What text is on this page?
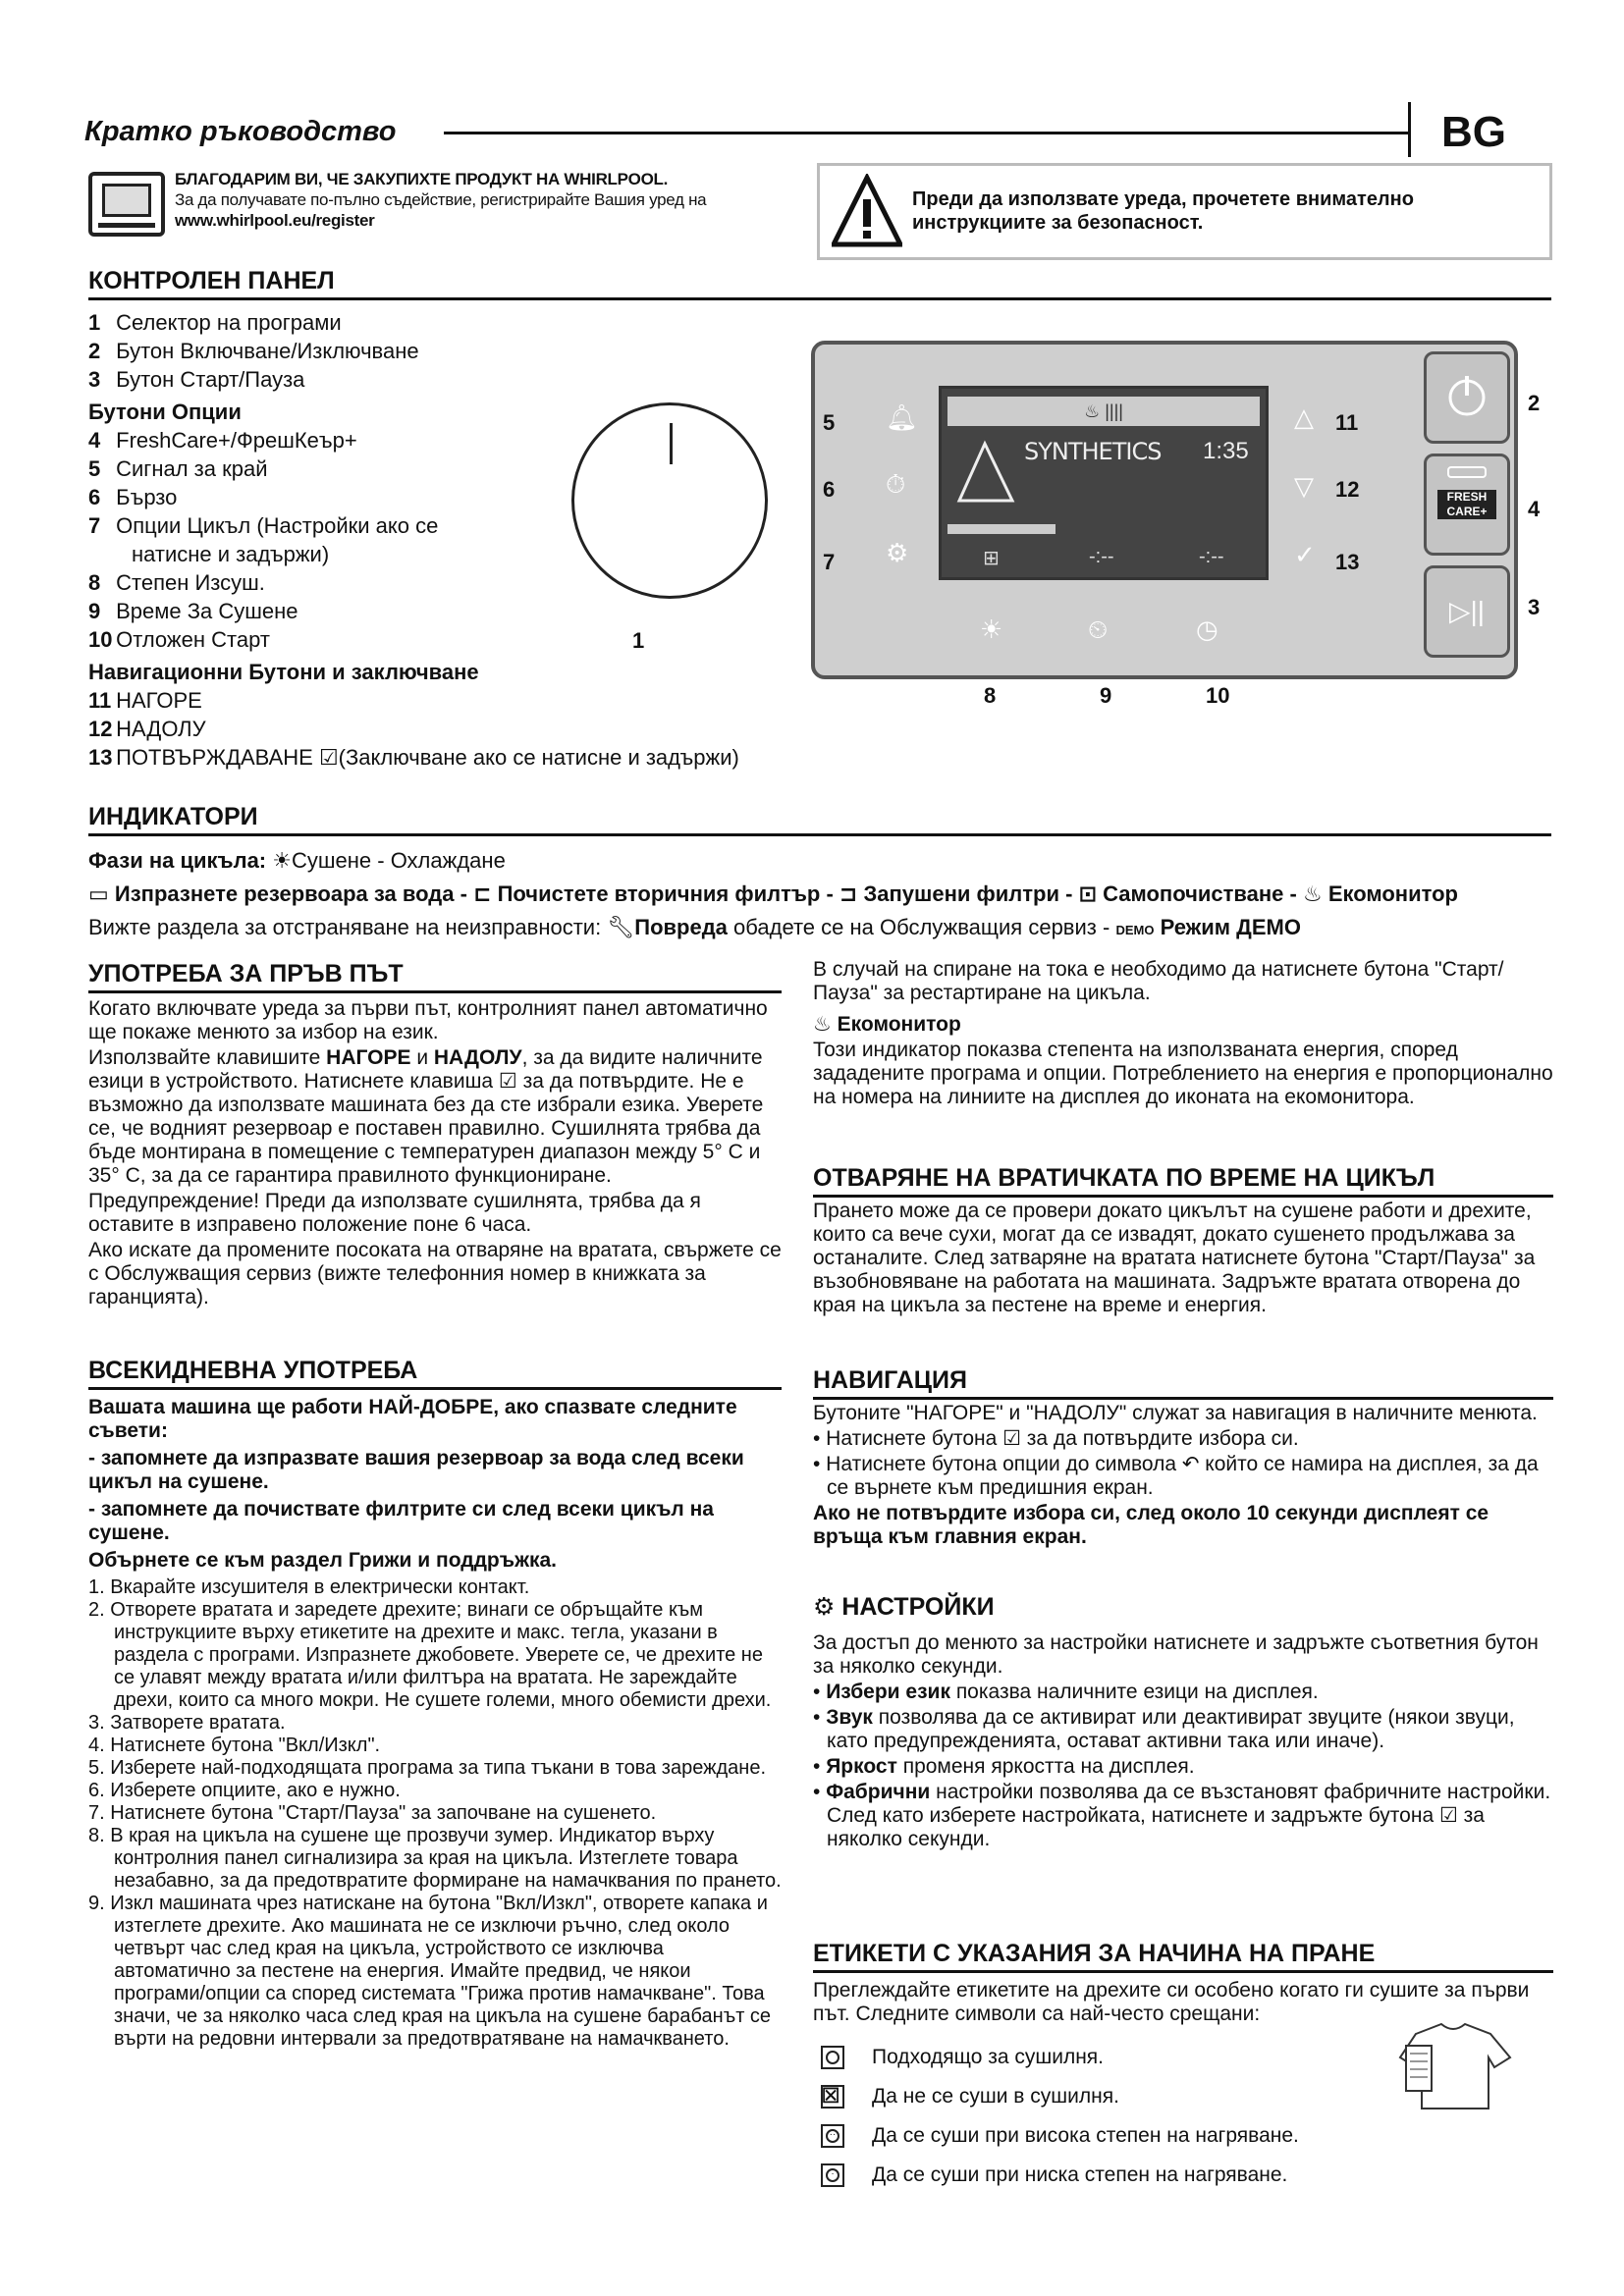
Кратко ръководство	BG
БЛАГОДАРИМ ВИ, ЧЕ ЗАКУПИХТЕ ПРОДУКТ НА WHIRLPOOL.
За да получавате по-пълно съдействие, регистрирайте Вашия уред на
www.whirlpool.eu/register
Преди да използвате уреда, прочетете внимателно инструкциите за безопасност.
КОНТРОЛЕН ПАНЕЛ
1 Селектор на програми
2 Бутон Включване/Изключване
3 Бутон Старт/Пауза
Бутони Опции
4 FreshCare+/ФрешКеър+
5 Сигнал за край
6 Бързо
7 Опции Цикъл (Настройки ако се
натисне и задържи)
8 Степен Изсуш.
9 Време За Сушене
10 Отложен Старт
Навигационни Бутони и заключване
11 НАГОРЕ
12 НАДОЛУ
13 ПОТВЪРЖДАВАНЕ ☑(Заключване ако се натисне и задържи)
1
♨ ||||
SYNTHETICS 1:35
⊞	-:--	-:--
🔔︎
⏱︎
⚙︎
5
6
7
△
▽
✓
11
12
13
☀︎	⏲︎	◷
8	9	10
FRESH
CARE+
▷||
2
4
3
ИНДИКАТОРИ
Фази на цикъла: ☀︎Сушене - Охлаждане
▭ Изпразнете резервоара за вода - ⊏ Почистете вторичния филтър - ⊐ Запушени филтри - ⊡ Самопочистване - ♨ Екомонитор
Вижте раздела за отстраняване на неизправности: 🔧︎Повреда обадете се на Обслужващия сервиз - DEMO Режим ДЕМО
УПОТРЕБА ЗА ПРЪВ ПЪТ

Когато включвате уреда за първи път, контролният панел автоматично ще покаже менюто за избор на език.

Използвайте клавишите НАГОРЕ и НАДОЛУ, за да видите наличните езици в устройството. Натиснете клавиша ☑ за да потвърдите. Не е възможно да използвате машината без да сте избрали езика. Уверете се, че водният резервоар е поставен правилно. Сушилнята трябва да бъде монтирана в помещение с температурен диапазон между 5° C и 35° C, за да се гарантира правилното функциониране.

Предупреждение! Преди да използвате сушилнята, трябва да я оставите в изправено положение поне 6 часа.

Ако искате да промените посоката на отваряне на вратата, свържете се с Обслужващия сервиз (вижте телефонния номер в книжката за гаранцията).

ВСЕКИДНЕВНА УПОТРЕБА

Вашата машина ще работи НАЙ-ДОБРЕ, ако спазвате следните съвети:

- запомнете да изпразвате вашия резервоар за вода след всеки цикъл на сушене.

- запомнете да почиствате филтрите си след всеки цикъл на сушене.

Обърнете се към раздел Грижи и поддръжка.

1. Вкарайте изсушителя в електрически контакт.
2. Отворете вратата и заредете дрехите; винаги се обръщайте към инструкциите върху етикетите на дрехите и макс. тегла, указани в раздела с програми. Изпразнете джобовете. Уверете се, че дрехите не се улавят между вратата и/или филтъра на вратата. Не зареждайте дрехи, които са много мокри. Не сушете големи, много обемисти дрехи.
3. Затворете вратата.
4. Натиснете бутона "Вкл/Изкл".
5. Изберете най-подходящата програма за типа тъкани в това зареждане.
6. Изберете опциите, ако е нужно.
7. Натиснете бутона "Старт/Пауза" за започване на сушенето.
8. В края на цикъла на сушене ще прозвучи зумер. Индикатор върху контролния панел сигнализира за края на цикъла. Изтеглете товара незабавно, за да предотвратите формиране на намачквания по прането.
9. Изкл машината чрез натискане на бутона "Вкл/Изкл", отворете капака и изтеглете дрехите. Ако машината не се изключи ръчно, след около четвърт час след края на цикъла, устройството се изключва автоматично за пестене на енергия. Имайте предвид, че някои програми/опции са според системата "Грижа против намачкване". Това значи, че за няколко часа след края на цикъла на сушене барабанът се върти на редовни интервали за предотвратяване на намачкването.

В случай на спиране на тока е необходимо да натиснете бутона "Старт/Пауза" за рестартиране на цикъла.

♨ Екомонитор

Този индикатор показва степента на използваната енергия, според зададените програма и опции. Потреблението на енергия е пропорционално на номера на линиите на дисплея до иконата на екомонитора.

ОТВАРЯНЕ НА ВРАТИЧКАТА ПО ВРЕМЕ НА ЦИКЪЛ
Прането може да се провери докато цикълът на сушене работи и дрехите, които са вече сухи, могат да се извадят, докато сушенето продължава за останалите. След затваряне на вратата натиснете бутона "Старт/Пауза" за възобновяване на работата на машината. Задръжте вратата отворена до края на цикъла за пестене на време и енергия.
НАВИГАЦИЯ

Бутоните "НАГОРЕ" и "НАДОЛУ" служат за навигация в наличните менюта.

• Натиснете бутона ☑ за да потвърдите избора си.

• Натиснете бутона опции до символа ↶ който се намира на дисплея, за да се върнете към предишния екран.

Ако не потвърдите избора си, след около 10 секунди дисплеят се връща към главния екран.

⚙︎ НАСТРОЙКИ

За достъп до менюто за настройки натиснете и задръжте съответния бутон за няколко секунди.

• Избери език показва наличните езици на дисплея.

• Звук позволява да се активират или деактивират звуците (някои звуци, като предупрежденията, остават активни така или иначе).

• Яркост променя яркостта на дисплея.

• Фабрични настройки позволява да се възстановят фабричните настройки. След като изберете настройката, натиснете и задръжте бутона ☑ за няколко секунди.

ЕТИКЕТИ С УКАЗАНИЯ ЗА НАЧИНА НА ПРАНЕ
Преглеждайте етикетите на дрехите си особено когато ги сушите за първи път. Следните символи са най-често срещани:
Подходящо за сушилня.
⊠ Да не се суши в сушилня.
·· Да се суши при висока степен на нагряване.
· Да се суши при ниска степен на нагряване.
